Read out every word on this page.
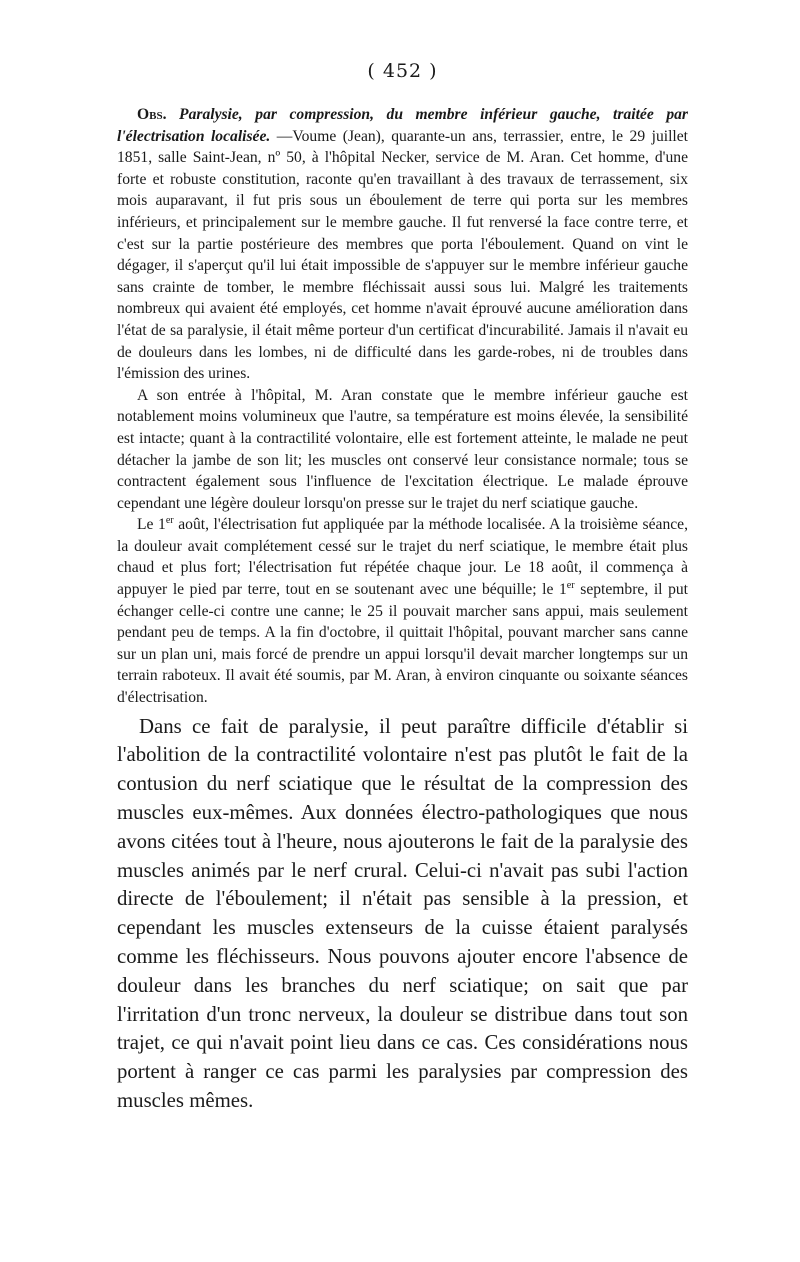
( 452 )

Obs. Paralysie, par compression, du membre inférieur gauche, traitée par l'électrisation localisée. —Voume (Jean), quarante-un ans, terrassier, entre, le 29 juillet 1851, salle Saint-Jean, nº 50, à l'hôpital Necker, service de M. Aran. Cet homme, d'une forte et robuste constitution, raconte qu'en travaillant à des travaux de terrassement, six mois auparavant, il fut pris sous un éboulement de terre qui porta sur les membres inférieurs, et principalement sur le membre gauche. Il fut renversé la face contre terre, et c'est sur la partie postérieure des membres que porta l'éboulement. Quand on vint le dégager, il s'aperçut qu'il lui était impossible de s'appuyer sur le membre inférieur gauche sans crainte de tomber, le membre fléchissait aussi sous lui. Malgré les traitements nombreux qui avaient été employés, cet homme n'avait éprouvé aucune amélioration dans l'état de sa paralysie, il était même porteur d'un certificat d'incurabilité. Jamais il n'avait eu de douleurs dans les lombes, ni de difficulté dans les garde-robes, ni de troubles dans l'émission des urines.

A son entrée à l'hôpital, M. Aran constate que le membre inférieur gauche est notablement moins volumineux que l'autre, sa température est moins élevée, la sensibilité est intacte; quant à la contractilité volontaire, elle est fortement atteinte, le malade ne peut détacher la jambe de son lit; les muscles ont conservé leur consistance normale; tous se contractent également sous l'influence de l'excitation électrique. Le malade éprouve cependant une légère douleur lorsqu'on presse sur le trajet du nerf sciatique gauche.

Le 1er août, l'électrisation fut appliquée par la méthode localisée. A la troisième séance, la douleur avait complétement cessé sur le trajet du nerf sciatique, le membre était plus chaud et plus fort; l'électrisation fut répétée chaque jour. Le 18 août, il commença à appuyer le pied par terre, tout en se soutenant avec une béquille; le 1er septembre, il put échanger celle-ci contre une canne; le 25 il pouvait marcher sans appui, mais seulement pendant peu de temps. A la fin d'octobre, il quittait l'hôpital, pouvant marcher sans canne sur un plan uni, mais forcé de prendre un appui lorsqu'il devait marcher longtemps sur un terrain raboteux. Il avait été soumis, par M. Aran, à environ cinquante ou soixante séances d'électrisation.

Dans ce fait de paralysie, il peut paraître difficile d'établir si l'abolition de la contractilité volontaire n'est pas plutôt le fait de la contusion du nerf sciatique que le résultat de la compression des muscles eux-mêmes. Aux données électro-pathologiques que nous avons citées tout à l'heure, nous ajouterons le fait de la paralysie des muscles animés par le nerf crural. Celui-ci n'avait pas subi l'action directe de l'éboulement; il n'était pas sensible à la pression, et cependant les muscles extenseurs de la cuisse étaient paralysés comme les fléchisseurs. Nous pouvons ajouter encore l'absence de douleur dans les branches du nerf sciatique; on sait que par l'irritation d'un tronc nerveux, la douleur se distribue dans tout son trajet, ce qui n'avait point lieu dans ce cas. Ces considérations nous portent à ranger ce cas parmi les paralysies par compression des muscles mêmes.
